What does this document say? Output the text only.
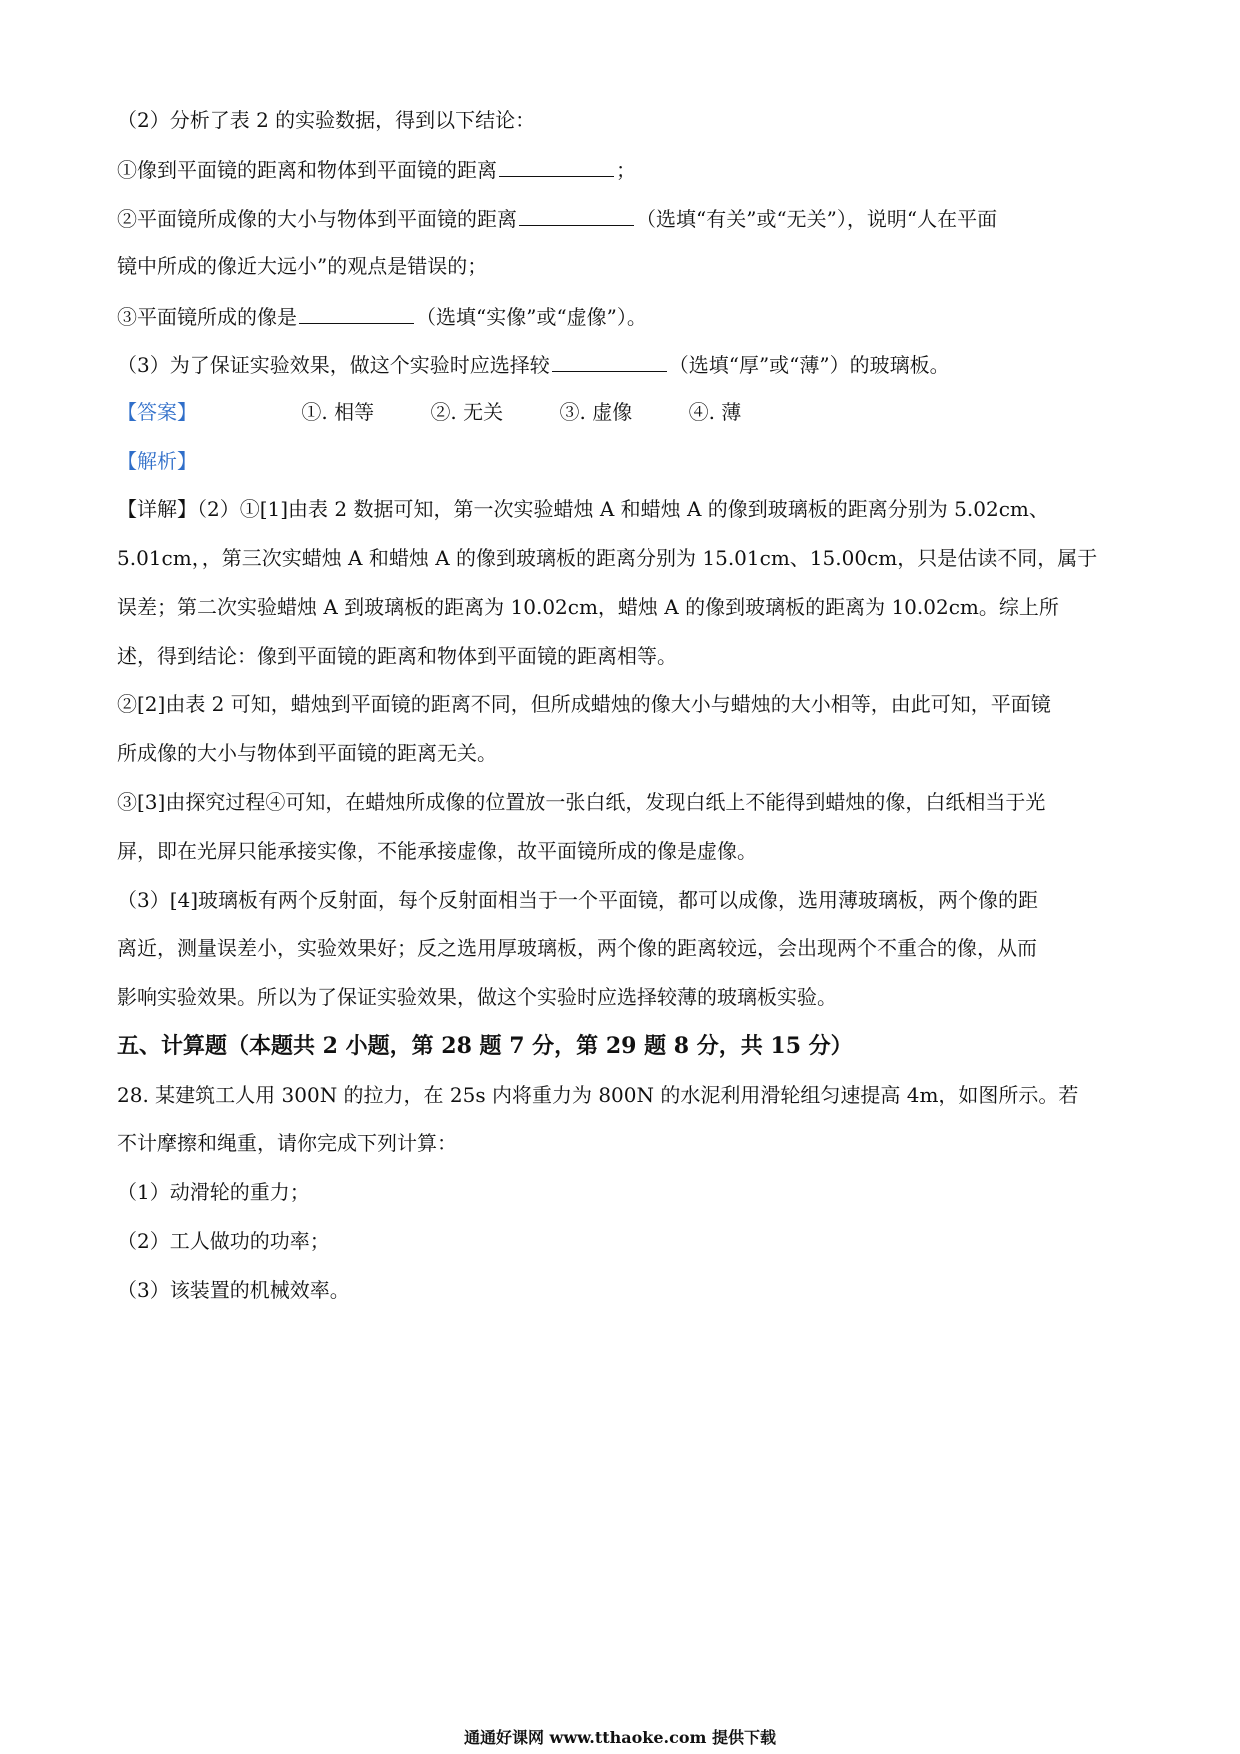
（2）分析了表 2 的实验数据，得到以下结论：
①像到平面镜的距离和物体到平面镜的距离	；
②平面镜所成像的大小与物体到平面镜的距离	（选填“有关”或“无关”），说明“人在平面
镜中所成的像近大远小”的观点是错误的；
③平面镜所成的像是	（选填“实像”或“虚像”）。
（3）为了保证实验效果，做这个实验时应选择较	（选填“厚”或“薄”）的玻璃板。
【答案】	①. 相等	②. 无关	③. 虚像	④. 薄
【解析】
【详解】（2）①[1]由表 2 数据可知，第一次实验蜡烛 A 和蜡烛 A 的像到玻璃板的距离分别为 5.02cm、
5.01cm，，第三次实蜡烛 A 和蜡烛 A 的像到玻璃板的距离分别为 15.01cm、15.00cm，只是估读不同，属于
误差；第二次实验蜡烛 A 到玻璃板的距离为 10.02cm，蜡烛 A 的像到玻璃板的距离为 10.02cm。综上所
述，得到结论：像到平面镜的距离和物体到平面镜的距离相等。
②[2]由表 2 可知，蜡烛到平面镜的距离不同，但所成蜡烛的像大小与蜡烛的大小相等，由此可知，平面镜
所成像的大小与物体到平面镜的距离无关。
③[3]由探究过程④可知，在蜡烛所成像的位置放一张白纸，发现白纸上不能得到蜡烛的像，白纸相当于光
屏，即在光屏只能承接实像，不能承接虚像，故平面镜所成的像是虚像。
（3）[4]玻璃板有两个反射面，每个反射面相当于一个平面镜，都可以成像，选用薄玻璃板，两个像的距
离近，测量误差小，实验效果好；反之选用厚玻璃板，两个像的距离较远，会出现两个不重合的像，从而
影响实验效果。所以为了保证实验效果，做这个实验时应选择较薄的玻璃板实验。
五、计算题（本题共 2 小题，第 28 题 7 分，第 29 题 8 分，共 15 分）
28. 某建筑工人用 300N 的拉力，在 25s 内将重力为 800N 的水泥利用滑轮组匀速提高 4m，如图所示。若
不计摩擦和绳重，请你完成下列计算：
（1）动滑轮的重力；
（2）工人做功的功率；
（3）该装置的机械效率。
通通好课网 www.tthaoke.com 提供下载
